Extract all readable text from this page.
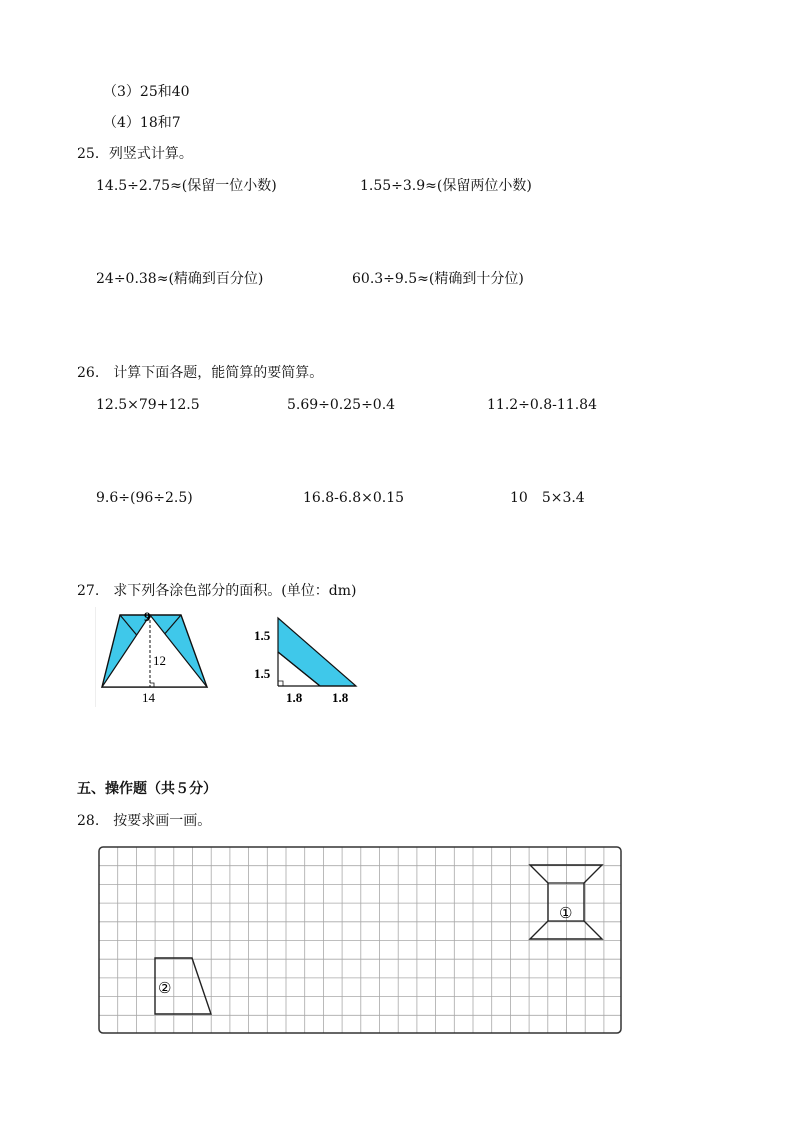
（3）25和40
（4）18和7
25．列竖式计算。
14.5÷2.75≈(保留一位小数)	1.55÷3.9≈(保留两位小数)
24÷0.38≈(精确到百分位)	60.3÷9.5≈(精确到十分位)
26.　计算下面各题，能简算的要简算。
12.5×79+12.5	5.69÷0.25÷0.4	11.2÷0.8-11.84
9.6÷(96÷2.5)	16.8-6.8×0.15	10　5×3.4
27.　求下列各涂色部分的面积。(单位：dm)
9
12
14
1.5
1.5
1.8 1.8
五、操作题（共５分）
28.　按要求画一画。
①
②
